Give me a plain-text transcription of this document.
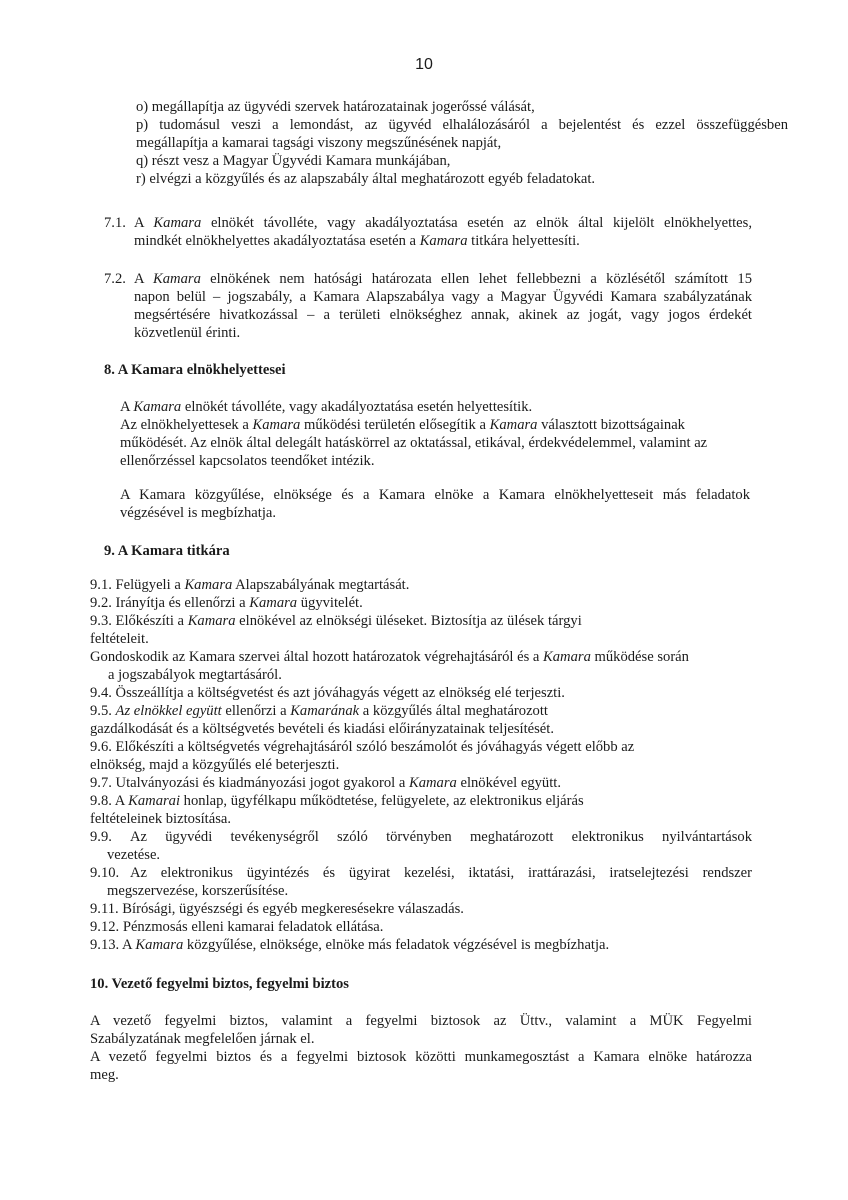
10
o) megállapítja az ügyvédi szervek határozatainak jogerőssé válását,
p) tudomásul veszi a lemondást, az ügyvéd elhalálozásáról a bejelentést és ezzel összefüggésben
megállapítja a kamarai tagsági viszony megszűnésének napját,
q) részt vesz a Magyar Ügyvédi Kamara munkájában,
r) elvégzi a közgyűlés és az alapszabály által meghatározott egyéb feladatokat.
7.1. A Kamara elnökét távolléte, vagy akadályoztatása esetén az elnök által kijelölt elnökhelyettes,
mindkét elnökhelyettes akadályoztatása esetén a Kamara titkára helyettesíti.
7.2. A Kamara elnökének nem hatósági határozata ellen lehet fellebbezni a közlésétől számított 15
napon belül – jogszabály, a Kamara Alapszabálya vagy a Magyar Ügyvédi Kamara szabályzatának
megsértésére hivatkozással – a területi elnökséghez annak, akinek az jogát, vagy jogos érdekét
közvetlenül érinti.
8. A Kamara elnökhelyettesei
A Kamara elnökét távolléte, vagy akadályoztatása esetén helyettesítik.
Az elnökhelyettesek a Kamara működési területén elősegítik a Kamara választott bizottságainak
működését. Az elnök által delegált hatáskörrel az oktatással, etikával, érdekvédelemmel, valamint az
ellenőrzéssel kapcsolatos teendőket intézik.
A Kamara közgyűlése, elnöksége és a Kamara elnöke a Kamara elnökhelyetteseit más feladatok
végzésével is megbízhatja.
9. A Kamara titkára
9.1. Felügyeli a Kamara Alapszabályának megtartását.
9.2. Irányítja és ellenőrzi a Kamara ügyvitelét.
9.3. Előkészíti a Kamara elnökével az elnökségi üléseket. Biztosítja az ülések tárgyi
feltételeit.
Gondoskodik az Kamara szervei által hozott határozatok végrehajtásáról és a Kamara működése során
a jogszabályok megtartásáról.
9.4. Összeállítja a költségvetést és azt jóváhagyás végett az elnökség elé terjeszti.
9.5. Az elnökkel együtt ellenőrzi a Kamarának a közgyűlés által meghatározott
gazdálkodását és a költségvetés bevételi és kiadási előirányzatainak teljesítését.
9.6. Előkészíti a költségvetés végrehajtásáról szóló beszámolót és jóváhagyás végett előbb az
elnökség, majd a közgyűlés elé beterjeszti.
9.7. Utalványozási és kiadmányozási jogot gyakorol a Kamara elnökével együtt.
9.8. A Kamarai honlap, ügyfélkapu működtetése, felügyelete, az elektronikus eljárás
feltételeinek biztosítása.
9.9.	Az ügyvédi tevékenységről szóló törvényben meghatározott elektronikus nyilvántartások
vezetése.
9.10. Az elektronikus ügyintézés és ügyirat kezelési, iktatási, irattárazási, iratselejtezési rendszer
megszervezése, korszerűsítése.
9.11. Bírósági, ügyészségi és egyéb megkeresésekre válaszadás.
9.12. Pénzmosás elleni kamarai feladatok ellátása.
9.13. A Kamara közgyűlése, elnöksége, elnöke más feladatok végzésével is megbízhatja.
10. Vezető fegyelmi biztos, fegyelmi biztos
A vezető fegyelmi biztos, valamint a fegyelmi biztosok az Üttv., valamint a MÜK Fegyelmi
Szabályzatának megfelelően járnak el.
A vezető fegyelmi biztos és a fegyelmi biztosok közötti munkamegosztást a Kamara elnöke határozza
meg.
